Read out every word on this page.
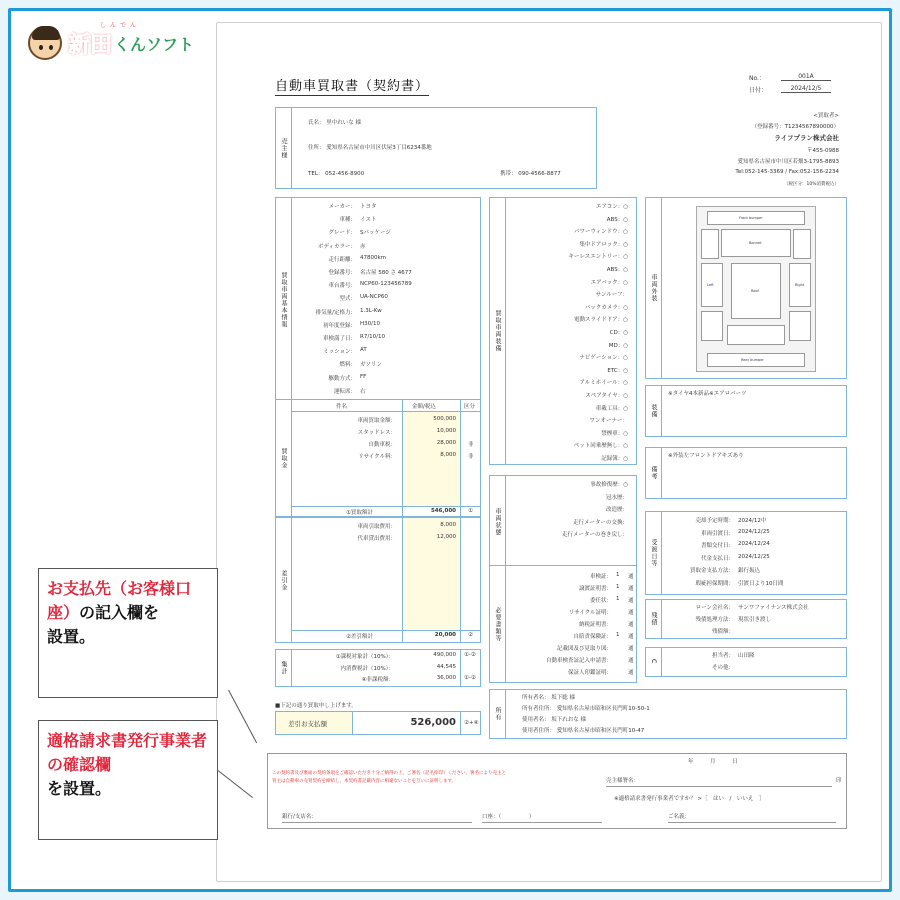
しんでん
新田 くんソフト
自動車買取書（契約書）
No.：	001A
日付：	2024/12/5
売主様
氏名： 里中れいな 様
住所： 愛知県名古屋市中川区伏屋3丁目6234番地
TEL： 052-456-8900	携帯： 090-4566-8877
<買取者>
（登録番号：T1234567890000）
ライフプラン株式会社
〒455-0988
愛知県名古屋市中川区若畑3-1795-8893
Tel:052-145-3369 / Fax:052-156-2234
（税区分：10%消費税込）
買取車両基本情報
メーカー： トヨタ
車種： イスト
グレード： Sパッケージ
ボディカラー： 赤
走行距離： 47800km
登録番号： 名古屋 580 さ 4677
車台番号： NCP60-123456789
型式： UA-NCP60
排気量/定格力： 1.3L-Kw
初年度登録： H30/10
車検満了日： R7/10/10
ミッション： AT
燃料： ガソリン
駆動方式： FF
運転席： 右
買取金
件名	金額/税込	区分
車両買取金額：	500,000
スタッドレス：	10,000
自動車税：	28,000 非
リサイクル料：	8,000 非
①買取額計	546,000 ①
差引金
車両引取費用：	8,000
代車貸出費用：	12,000
②差引額計	20,000 ②
集計
①課税対象計（10%）：	490,000 ①-②
内消費税計（10%）：	44,545
④非課税額：	36,000 ①-②
■下記の通り買取申し上げます。
差引お支払額	526,000 ②+④
買取車両装備
エアコン：○
ABS：○
パワーウィンドウ：○
集中ドアロック：○
キーレスエントリー：○
ABS：○
エアバック：○
サンルーフ：
バックカメラ：○
電動スライドドア：○
CD：○
MD：○
ナビゲーション：○
ETC：○
アルミホイール：○
スペアタイヤ：○
車載工具：○
ワンオーナー：
禁煙車：○
ペット同乗歴無し：○
記録簿：○
車両状態
事故修復歴：○
冠水歴：
改造歴：
走行メーターの交換：
走行メーターの巻き戻し：
必要書類等
車検証： 1 通
譲渡証明書： 1 通
委任状： 1 通
リサイクル証明：	通
納税証明書：	通
自賠責保険証： 1 通
記載図及び見取り図：	通
自動車検査証記入申請書：	通
保証人印鑑証明：	通
所有
所有者名： 坂下聡 様
所有者住所： 愛知県名古屋市昭和区長門町10-50-1
使用者名： 坂下れおな 様
使用者住所： 愛知県名古屋市昭和区長門町10-47
車両外装
Front bumper
Bonnet
Left	Right
Roof
Rear bumper
装備
※タイヤ4本新品※エアロパーツ
備考
※外装左フロントドアキズあり
受渡日等
売却予定時期： 2024/12中
車両引渡日： 2024/12/25
書類交付日： 2024/12/24
代金支払日： 2024/12/25
買取金支払方法： 銀行振込
瑕疵担保期間： 引渡日より10日間
残債
ローン会社名： サンワファイナンス株式会社
残債処理方法： 現状引き渡し
残債額：
C
担当者： 山田隆
その他：
年　　　月　　　日
この契約書及び裏面の契約条項をご確認いただき十分ご納得の上、ご署名（記名捺印）ください。署名により売主と
買主は自動車の売買契約を締結し、本契約書記載内容に相違ないことを互いに証明します。	売主様署名：	印
※適格請求書発行事業者ですか？ >［　はい　/　いいえ　］
銀行/支店名：	口座：（　　　　　）	ご名義：
お支払先（お客様口座）の記入欄を
設置。
適格請求書発行事業者の確認欄
を設置。
